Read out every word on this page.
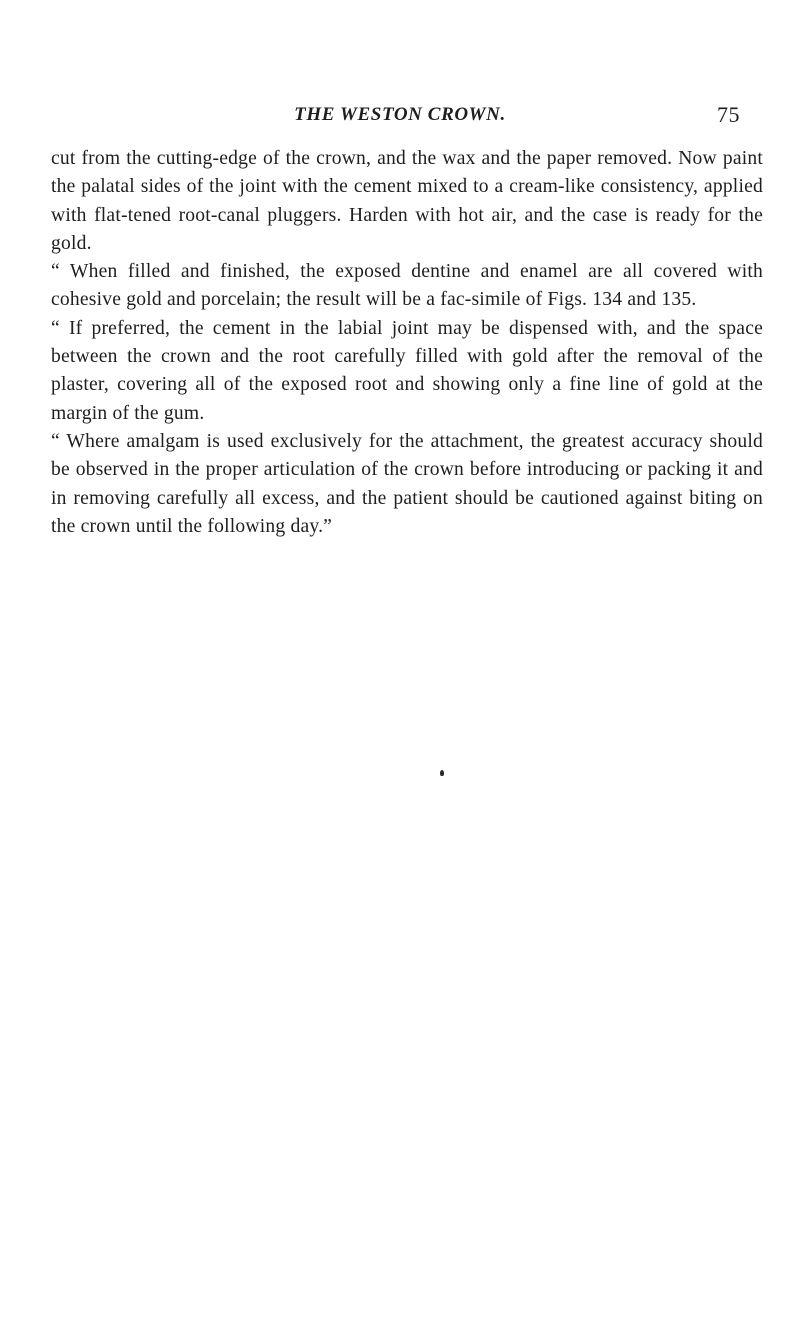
THE WESTON CROWN.	75

cut from the cutting-edge of the crown, and the wax and the paper removed. Now paint the palatal sides of the joint with the cement mixed to a cream-like consistency, applied with flat-tened root-canal pluggers. Harden with hot air, and the case is ready for the gold.

“ When filled and finished, the exposed dentine and enamel are all covered with cohesive gold and porcelain; the result will be a fac-simile of Figs. 134 and 135.

“ If preferred, the cement in the labial joint may be dispensed with, and the space between the crown and the root carefully filled with gold after the removal of the plaster, covering all of the exposed root and showing only a fine line of gold at the margin of the gum.

“ Where amalgam is used exclusively for the attachment, the greatest accuracy should be observed in the proper articulation of the crown before introducing or packing it and in removing carefully all excess, and the patient should be cautioned against biting on the crown until the following day.”
